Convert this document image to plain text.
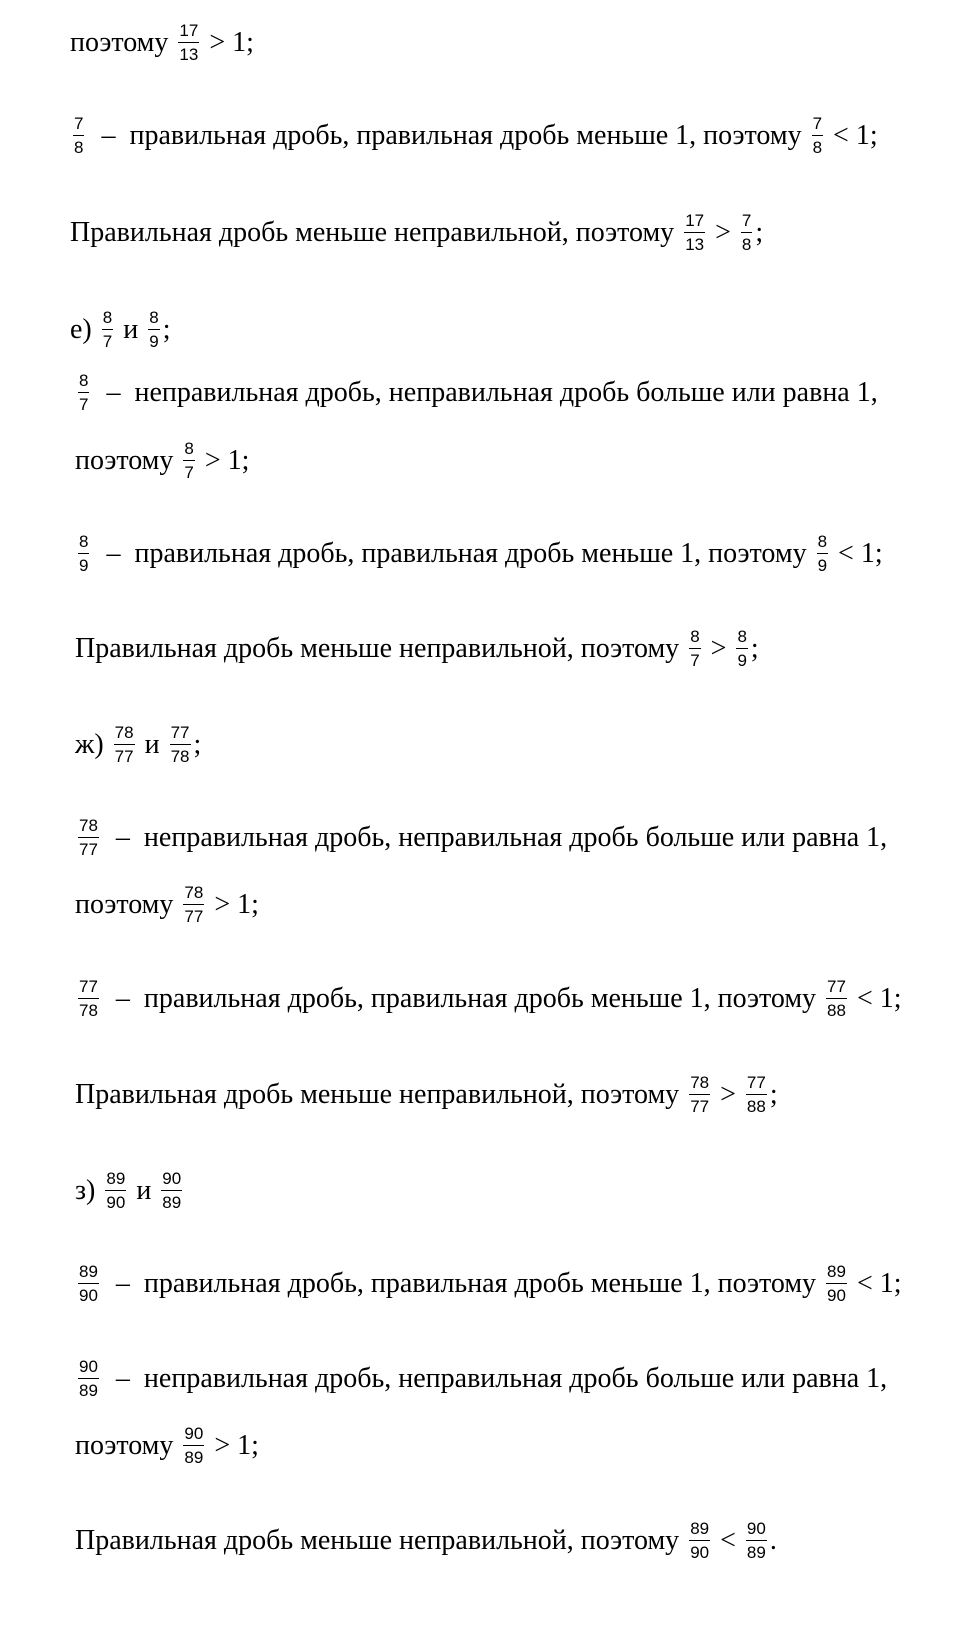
поэтому $\frac{17}{13} > 1$;
$\frac{7}{8}$ –  правильная дробь, правильная дробь меньше 1, поэтому $\frac{7}{8} < 1$;
Правильная дробь меньше неправильной, поэтому $\frac{17}{13} > \frac{7}{8}$ ;
$е) \frac{8}{7}$ и $\frac{8}{9}$ ;
$\frac{8}{7}$ –  неправильная дробь, неправильная дробь больше или равна 1,
поэтому $\frac{8}{7} > 1$;
$\frac{8}{9}$ –  правильная дробь, правильная дробь меньше 1, поэтому $\frac{8}{9} < 1$;
Правильная дробь меньше неправильной, поэтому $\frac{8}{7} > \frac{8}{9}$ ;
$ж) \frac{78}{77}$ и $\frac{77}{78}$ ;
$\frac{78}{77}$ –  неправильная дробь, неправильная дробь больше или равна 1,
поэтому $\frac{78}{77} > 1$;
$\frac{77}{78}$ –  правильная дробь, правильная дробь меньше 1, поэтому $\frac{77}{88} < 1$;
Правильная дробь меньше неправильной, поэтому $\frac{78}{77} > \frac{77}{88}$ ;
$з) \frac{89}{90}$ и $\frac{90}{89}$
$\frac{89}{90}$ –  правильная дробь, правильная дробь меньше 1, поэтому $\frac{89}{90} < 1$;
$\frac{90}{89}$ –  неправильная дробь, неправильная дробь больше или равна 1,
поэтому $\frac{90}{89} > 1$;
Правильная дробь меньше неправильной, поэтому $\frac{89}{90} < \frac{90}{89}$ .
